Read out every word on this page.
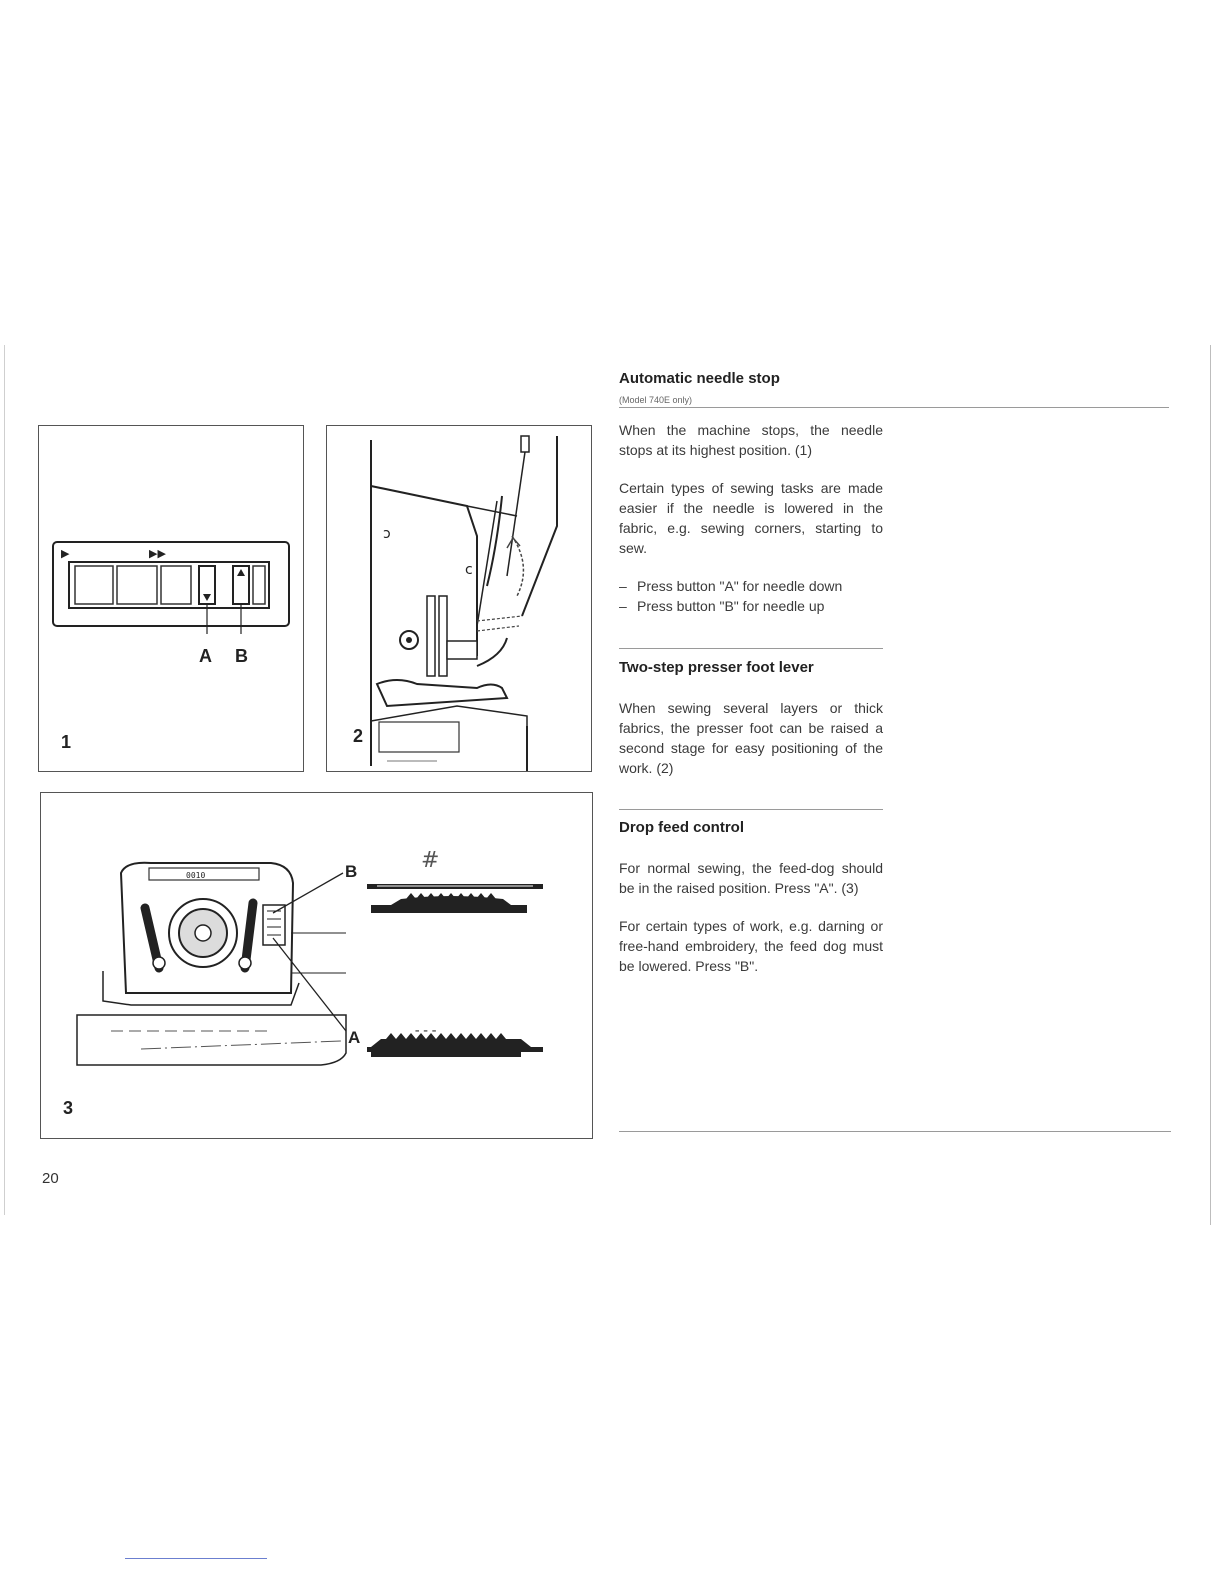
▶	▶▶
A B
1
ɔ
c
2
0010	B
A
#
---
3
20

Automatic needle stop

(Model 740E only)

When the machine stops, the needle stops at its highest position. (1)

Certain types of sewing tasks are made easier if the needle is lowered in the fabric, e.g. sewing corners, starting to sew.

– Press button "A" for needle down
– Press button "B" for needle up

Two-step presser foot lever

When sewing several layers or thick fabrics, the presser foot can be raised a second stage for easy positioning of the work. (2)

Drop feed control

For normal sewing, the feed-dog should be in the raised position. Press "A". (3)

For certain types of work, e.g. darning or free-hand embroidery, the feed dog must be lowered. Press "B".
